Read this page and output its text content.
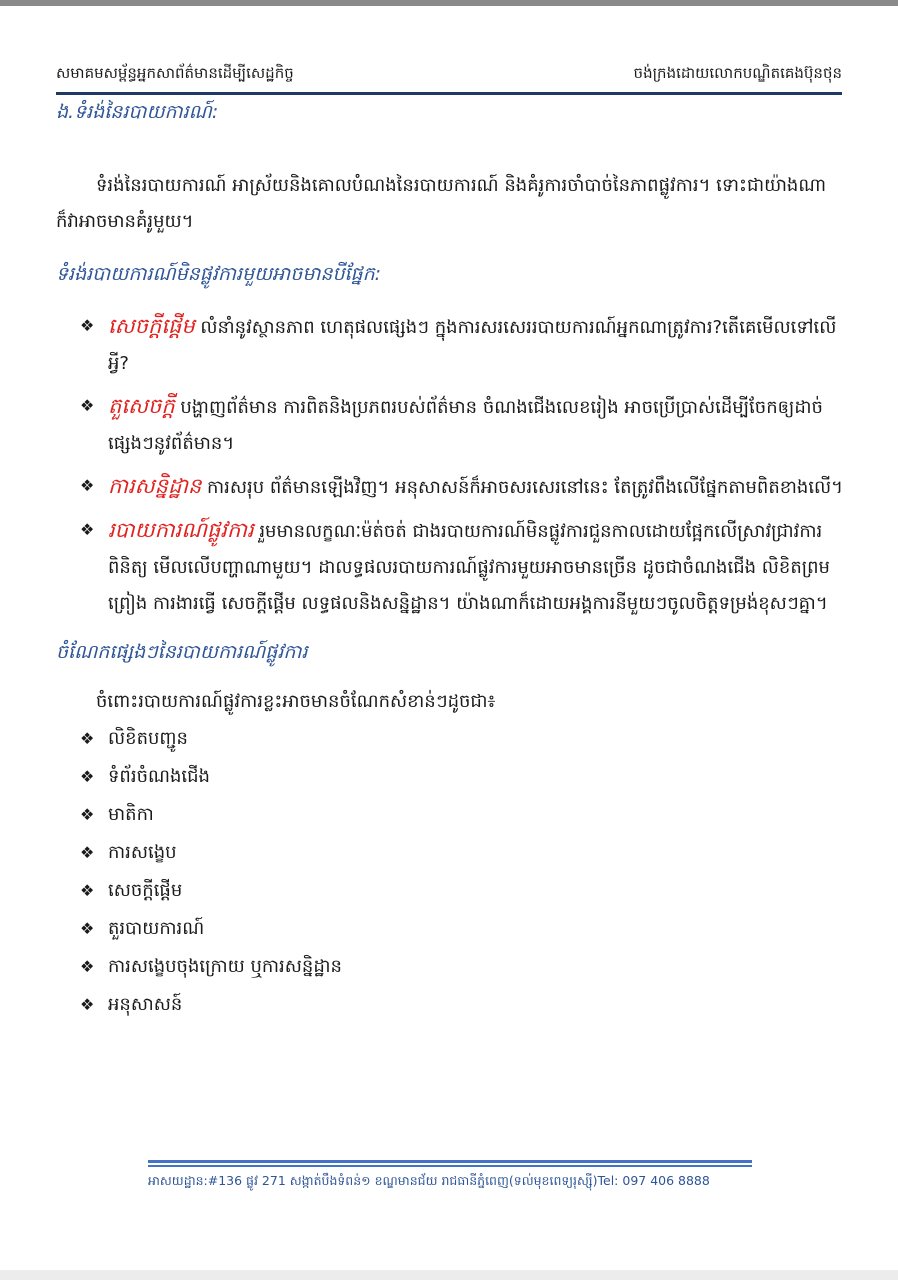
សមាគមសម្ព័ន្ធអ្នកសាព័ត៌មានដើម្បីសេដ្ឋកិច្ច	ចង់ក្រងដោយលោកបណ្ឌិតគេងប៊ុនថុន

ង.ទំរង់នៃរបាយការណ៍:

ទំរង់នៃរបាយការណ៍ អាស្រ័យនិងគោលបំណងនៃរបាយការណ៍ និងគំរូការចាំបាច់នៃភាពផ្លូវការ។ ទោះជាយ៉ាងណាក៏វាអាចមានគំរូមួយ។

ទំរង់របាយការណ៍មិនផ្លូវការមួយអាចមានបីផ្នែក:

❖ សេចក្តីផ្តើម លំនាំនូវស្ថានភាព ហេតុផលផ្សេងៗ ក្នុងការសរសេររបាយការណ៍អ្នកណាត្រូវការ?តើគេមើលទៅលើអ្វី?
❖ តួសេចក្តី បង្ហាញព័ត៌មាន ការពិតនិងប្រភពរបស់ព័ត៌មាន ចំណងជើងលេខរៀង អាចប្រើប្រាស់ដើម្បីចែកឲ្យដាច់ផ្សេងៗនូវព័ត៌មាន។
❖ ការសន្និដ្ឋាន ការសរុប ព័ត៌មានឡើងវិញ។ អនុសាសន៍ក៏អាចសរសេរនៅនេះ តែត្រូវពឹងលើផ្នែកតាមពិតខាងលើ។
❖ របាយការណ៍ផ្លូវការ រួមមានលក្ខណៈម៉ត់ចត់ ជាងរបាយការណ៍មិនផ្លូវការជួនកាលដោយផ្អែកលើស្រាវជ្រាវការពិនិត្យ មើលលើបញ្ហាណាមួយ។ ដាលទ្ធផលរបាយការណ៍ផ្លូវការមួយអាចមានច្រើន ដូចជាចំណងជើង លិខិតព្រមព្រៀង ការងារធ្វើ សេចក្តីផ្តើម លទ្ធផលនិងសន្និដ្ឋាន។ យ៉ាងណាក៏ដោយអង្គការនីមួយៗចូលចិត្តទម្រង់ខុសៗគ្នា។

ចំណែកផ្សេងៗនៃរបាយការណ៍ផ្លូវការ

ចំពោះរបាយការណ៍ផ្លូវការខ្លះអាចមានចំណែកសំខាន់ៗដូចជា៖

❖ លិខិតបញ្ជូន
❖ ទំព័រចំណងជើង
❖ មាតិកា
❖ ការសង្ខេប
❖ សេចក្តីផ្តើម
❖ តួរបាយការណ៍
❖ ការសង្ខេបចុងក្រោយ ឬការសន្និដ្ឋាន
❖ អនុសាសន៍
អាសយដ្ឋាន:#136 ផ្លូវ 271 សង្កាត់បឹងទំពន់១ ខណ្ឌមានជ័យ រាជធានីភ្នំពេញ(ទល់មុខពេទ្យរុស្ស៊ី)Tel: 097 406 8888
